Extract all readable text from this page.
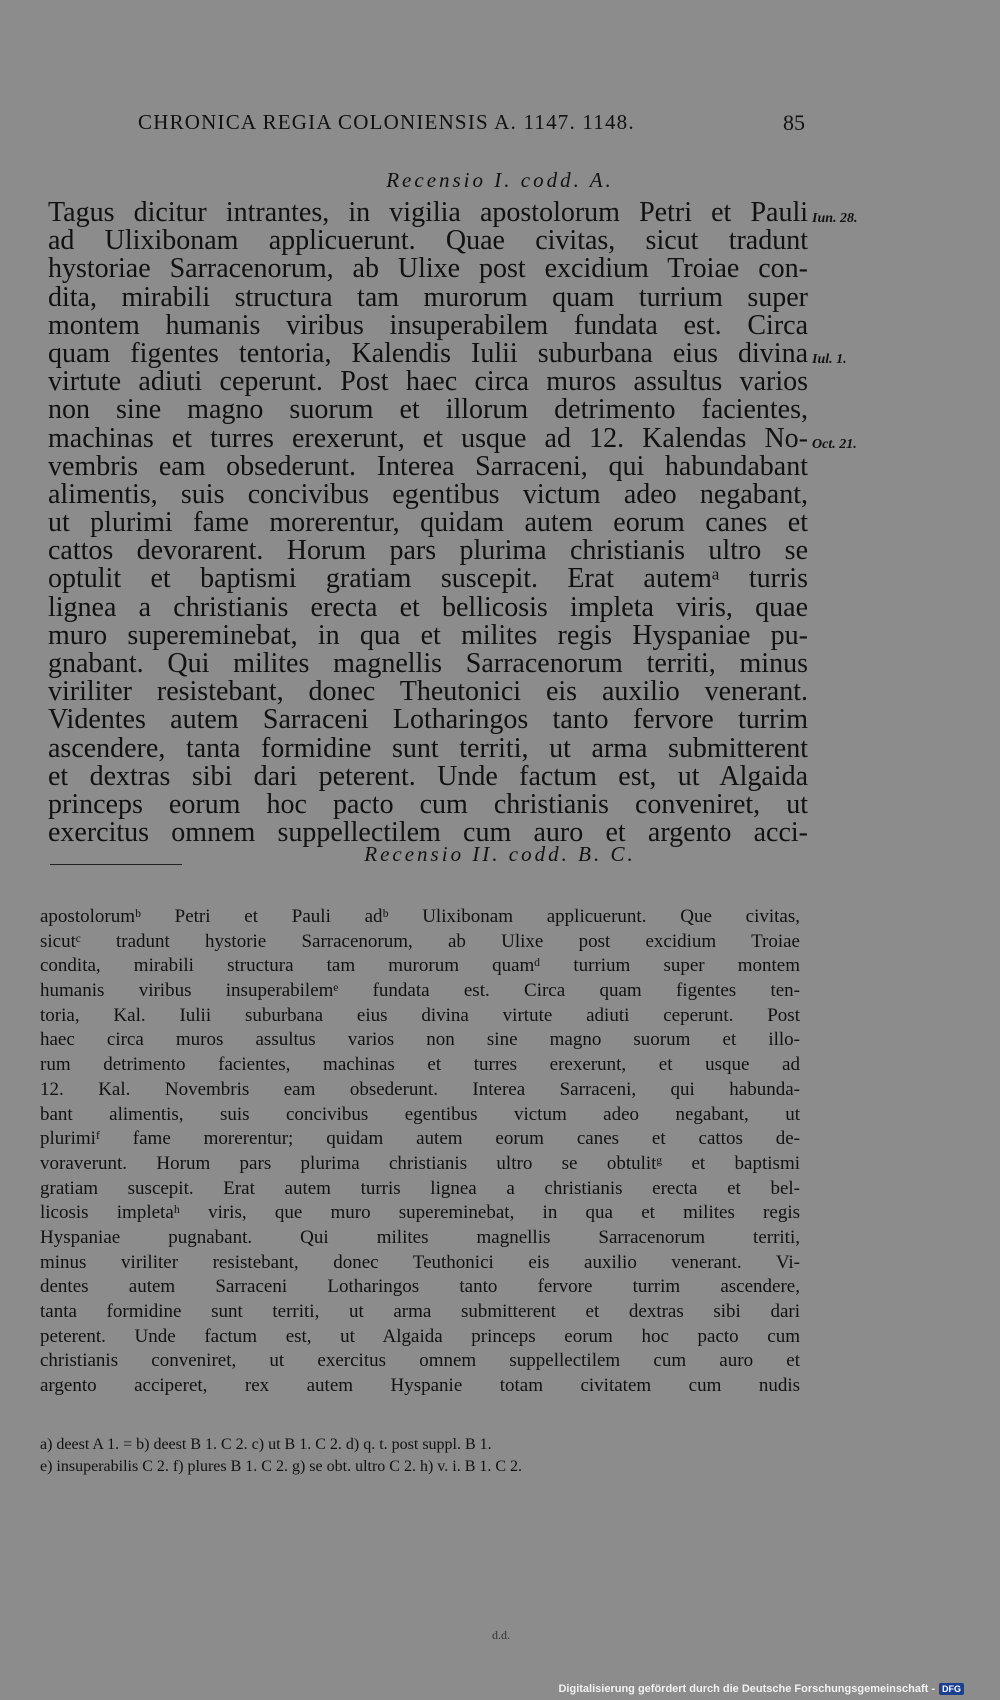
CHRONICA REGIA COLONIENSIS A. 1147. 1148.	85
Recensio I. codd. A.
Tagus dicitur intrantes, in vigilia apostolorum Petri et Pauli
ad Ulixibonam applicuerunt. Quae civitas, sicut tradunt
hystoriae Sarracenorum, ab Ulixe post excidium Troiae con-
dita, mirabili structura tam murorum quam turrium super
montem humanis viribus insuperabilem fundata est. Circa
quam figentes tentoria, Kalendis Iulii suburbana eius divina
virtute adiuti ceperunt. Post haec circa muros assultus varios
non sine magno suorum et illorum detrimento facientes,
machinas et turres erexerunt, et usque ad 12. Kalendas No-
vembris eam obsederunt. Interea Sarraceni, qui habundabant
alimentis, suis concivibus egentibus victum adeo negabant,
ut plurimi fame morerentur, quidam autem eorum canes et
cattos devorarent. Horum pars plurima christianis ultro se
optulit et baptismi gratiam suscepit. Erat autemᵃ turris
lignea a christianis erecta et bellicosis impleta viris, quae
muro supereminebat, in qua et milites regis Hyspaniae pu-
gnabant. Qui milites magnellis Sarracenorum territi, minus
viriliter resistebant, donec Theutonici eis auxilio venerant.
Videntes autem Sarraceni Lotharingos tanto fervore turrim
ascendere, tanta formidine sunt territi, ut arma submitterent
et dextras sibi dari peterent. Unde factum est, ut Algaida
princeps eorum hoc pacto cum christianis conveniret, ut
exercitus omnem suppellectilem cum auro et argento acci-
Iun. 28.
Iul. 1.
Oct. 21.
Recensio II. codd. B. C.
apostolorumᵇ Petri et Pauli adᵇ Ulixibonam applicuerunt. Que civitas,
sicutᶜ tradunt hystorie Sarracenorum, ab Ulixe post excidium Troiae
condita, mirabili structura tam murorum quamᵈ turrium super montem
humanis viribus insuperabilemᵉ fundata est. Circa quam figentes ten-
toria, Kal. Iulii suburbana eius divina virtute adiuti ceperunt. Post
haec circa muros assultus varios non sine magno suorum et illo-
rum detrimento facientes, machinas et turres erexerunt, et usque ad
12. Kal. Novembris eam obsederunt. Interea Sarraceni, qui habunda-
bant alimentis, suis concivibus egentibus victum adeo negabant, ut
plurimiᶠ fame morerentur; quidam autem eorum canes et cattos de-
voraverunt. Horum pars plurima christianis ultro se obtulitᵍ et baptismi
gratiam suscepit. Erat autem turris lignea a christianis erecta et bel-
licosis impletaʰ viris, que muro supereminebat, in qua et milites regis
Hyspaniae pugnabant. Qui milites magnellis Sarracenorum territi,
minus viriliter resistebant, donec Teuthonici eis auxilio venerant. Vi-
dentes autem Sarraceni Lotharingos tanto fervore turrim ascendere,
tanta formidine sunt territi, ut arma submitterent et dextras sibi dari
peterent. Unde factum est, ut Algaida princeps eorum hoc pacto cum
christianis conveniret, ut exercitus omnem suppellectilem cum auro et
argento acciperet, rex autem Hyspanie totam civitatem cum nudis
a) deest A 1. = b) deest B 1. C 2. c) ut B 1. C 2. d) q. t. post suppl. B 1.
e) insuperabilis C 2. f) plures B 1. C 2. g) se obt. ultro C 2. h) v. i. B 1. C 2.
d.d.
Digitalisierung gefördert durch die Deutsche Forschungsgemeinschaft - DFG
